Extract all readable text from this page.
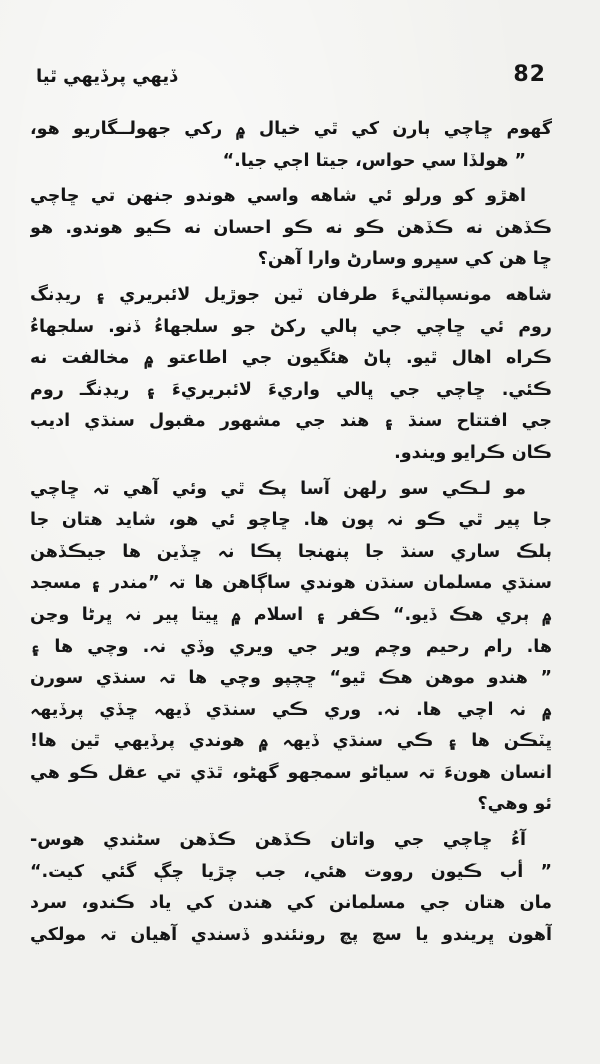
ڏيهي پرڏيهي ٿيا	82
گهوم ڇاچي ٻارن کي ٿي خيال ۾ رکي جهولـ‌ـگاريو هو،
” هولڏا سي حواس، جيتا اڄي جيا.“
اهڙو کو ورلو ئي شاهه واسي هوندو جنهن تي ڇاچي
ڪڏهن نه ڪڏهن ڪو نه ڪو احسان نه ڪيو هوندو. هو
ڇا هن کي سڀرو وسارڻ وارا آهن؟
شاهه مونسپالٽيءَ طرفان ٽين جوڙيل لائبريري ۽ ريڊنگ
روم ئي ڇاچي جي ٻالي رکڻ جو سلجهاءُ ڏنو. سلجهاءُ
ڪراه اهال ٿيو. پاڻ‌ هئگيون جي اطاعتو ۾ مخالفت نه
ڪئي. ڇاچي جي ڀالي واريءَ لائبريريءَ ۽ ريڊنگـ روم
جي افتتاح سنڌ ۽ هند جي مشهور مقبول سنڌي اديب
ڪان ڪرايو ويندو.
مو‌ لـڪي سو رلهن آسا پڪ ٿي وئي آهي تہ ڇاچي
جا پير ٿي ڪو نہ پون ها. ڇاچو ئي هو، شايد هتان جا
ٻلڪ ساري سنڌ جا پنهنجا پڪا نہ ڇڏين ها جيڪڏهن
سنڌي مسلمان سنڌن هوندي ساڳاهن ها تہ ”مندر ۽ مسجد
۾ ٻري هڪ ڏيو.“ ڪفر ۽ اسلام ۾ ڀيتا پير نہ ڀرڻا وڃن
ها. رام رحيم وچم وير جي ويري وڏي نہ. وچي ها ۽
” هندو موهن هڪ ٿيو“ ڇچپو وچي ها تہ سنڌي سورن
۾ نہ اچي ها. نہ. وري ڪي سنڌي ڏيهہ ڇڏي پرڏيهہ
ڀٽڪن ها ۽ ڪي سنڌي ڏيهہ ۾ هوندي پرڏيهي ٿين ها!
انسان هونءَ تہ سياڻو سمجهو گهڻو، ٿڌي تي عقل ڪو هي
ئو وهي؟
آءُ ڇاچي جي واتان ڪڏهن ڪڏهن سڻندي هوس-
” أب ڪيون رووت هئي، جب چڙيا چڳ گئي کيت.“
مان هتان جي مسلمانن کي هندن کي ياد ڪندو، سرد
آهون ڀريندو يا سچ پچ رونئندو ڏسندي آهيان تہ مولکي
